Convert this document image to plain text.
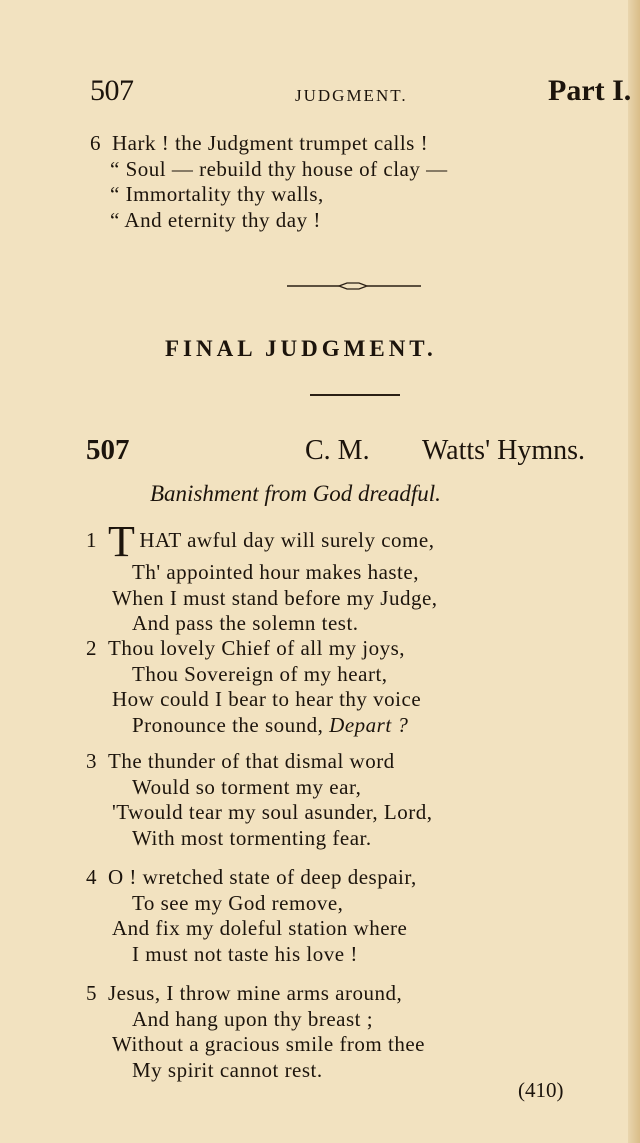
507	JUDGMENT.	Part I.
6 Hark ! the Judgment trumpet calls !
“ Soul — rebuild thy house of clay —
“ Immortality thy walls,
“ And eternity thy day !
FINAL JUDGMENT.
507	C. M. Watts' Hymns.
Banishment from God dreadful.
1 T HAT awful day will surely come,
Th' appointed hour makes haste,
When I must stand before my Judge,
And pass the solemn test.
2 Thou lovely Chief of all my joys,
Thou Sovereign of my heart,
How could I bear to hear thy voice
Pronounce the sound, Depart ?
3 The thunder of that dismal word
Would so torment my ear,
'Twould tear my soul asunder, Lord,
With most tormenting fear.
4 O ! wretched state of deep despair,
To see my God remove,
And fix my doleful station where
I must not taste his love !
5 Jesus, I throw mine arms around,
And hang upon thy breast ;
Without a gracious smile from thee
My spirit cannot rest.
(410)
